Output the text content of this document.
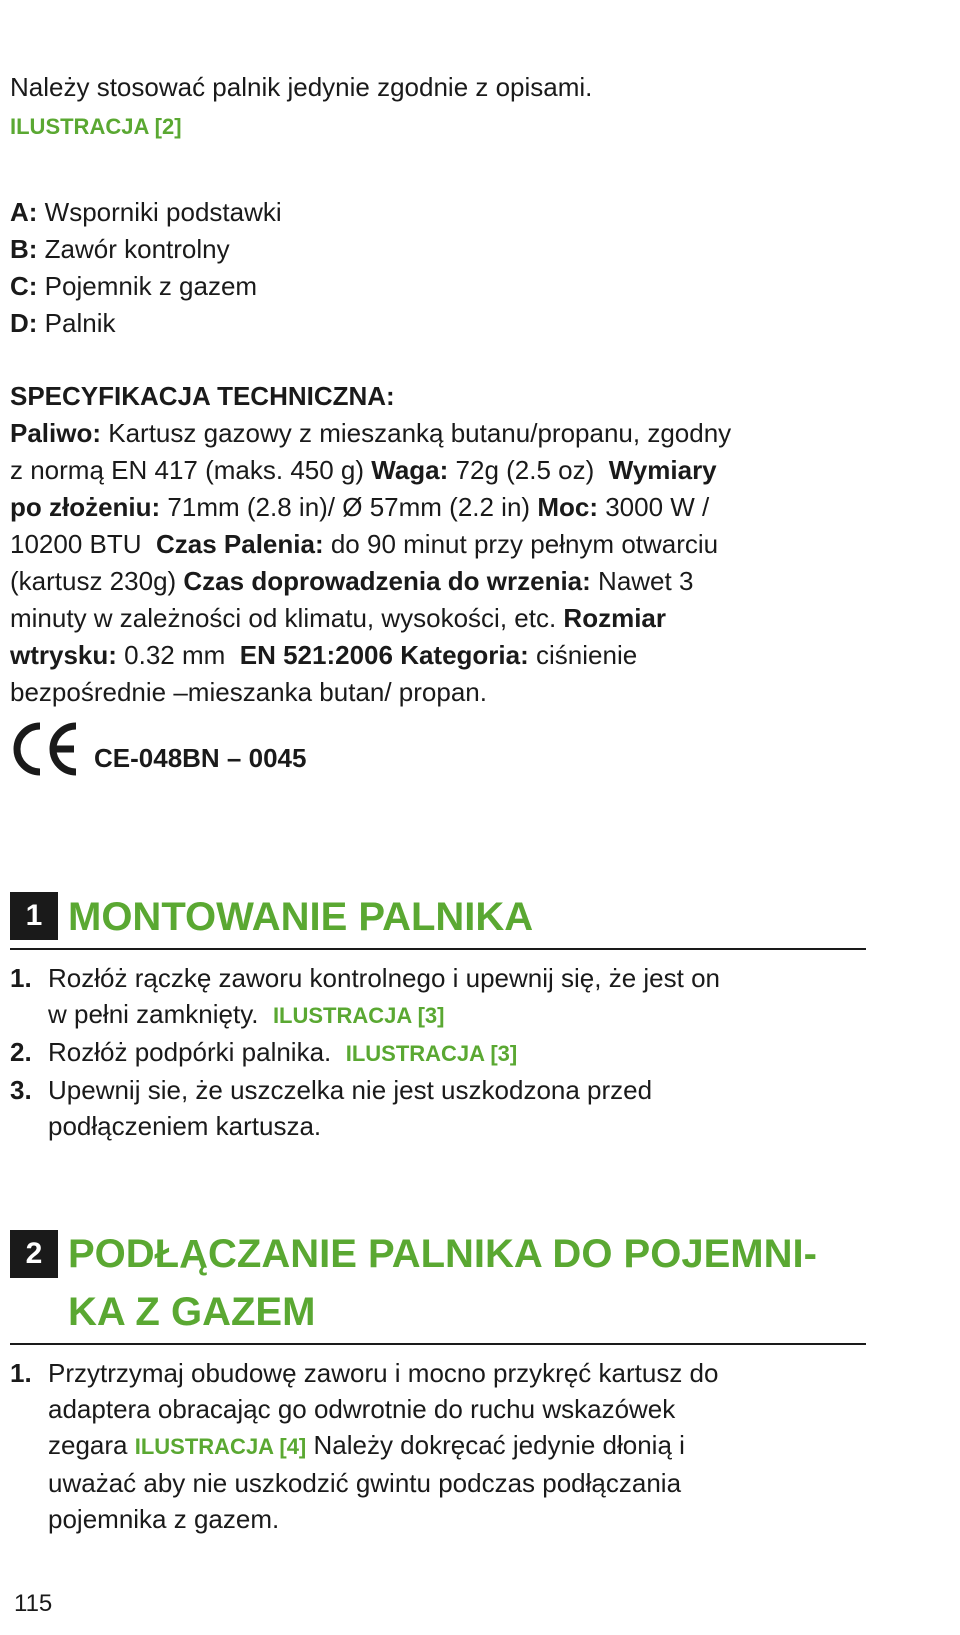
Należy stosować palnik jedynie zgodnie z opisami.

ILUSTRACJA [2]

A: Wsporniki podstawki

B: Zawór kontrolny

C: Pojemnik z gazem

D: Palnik

SPECYFIKACJA TECHNICZNA:

Paliwo: Kartusz gazowy z mieszanką butanu/propanu, zgodny

z normą EN 417 (maks. 450 g) Waga: 72g (2.5 oz)  Wymiary

po złożeniu: 71mm (2.8 in)/ Ø 57mm (2.2 in) Moc: 3000 W /

10200 BTU  Czas Palenia: do 90 minut przy pełnym otwarciu

(kartusz 230g) Czas doprowadzenia do wrzenia: Nawet 3

minuty w zależności od klimatu, wysokości, etc. Rozmiar

wtrysku: 0.32 mm  EN 521:2006 Kategoria: ciśnienie

bezpośrednie –mieszanka butan/ propan.

CE-048BN – 0045
1 MONTOWANIE PALNIKA
1. Rozłóż rączkę zaworu kontrolnego i upewnij się, że jest on
w pełni zamknięty.  ILUSTRACJA [3]
2. Rozłóż podpórki palnika.  ILUSTRACJA [3]
3. Upewnij sie, że uszczelka nie jest uszkodzona przed
podłączeniem kartusza.
2 PODŁĄCZANIE PALNIKA DO POJEMNI-
KA Z GAZEM
1. Przytrzymaj obudowę zaworu i mocno przykręć kartusz do
adaptera obracając go odwrotnie do ruchu wskazówek
zegara ILUSTRACJA [4] Należy dokręcać jedynie dłonią i
uważać aby nie uszkodzić gwintu podczas podłączania
pojemnika z gazem.
115
